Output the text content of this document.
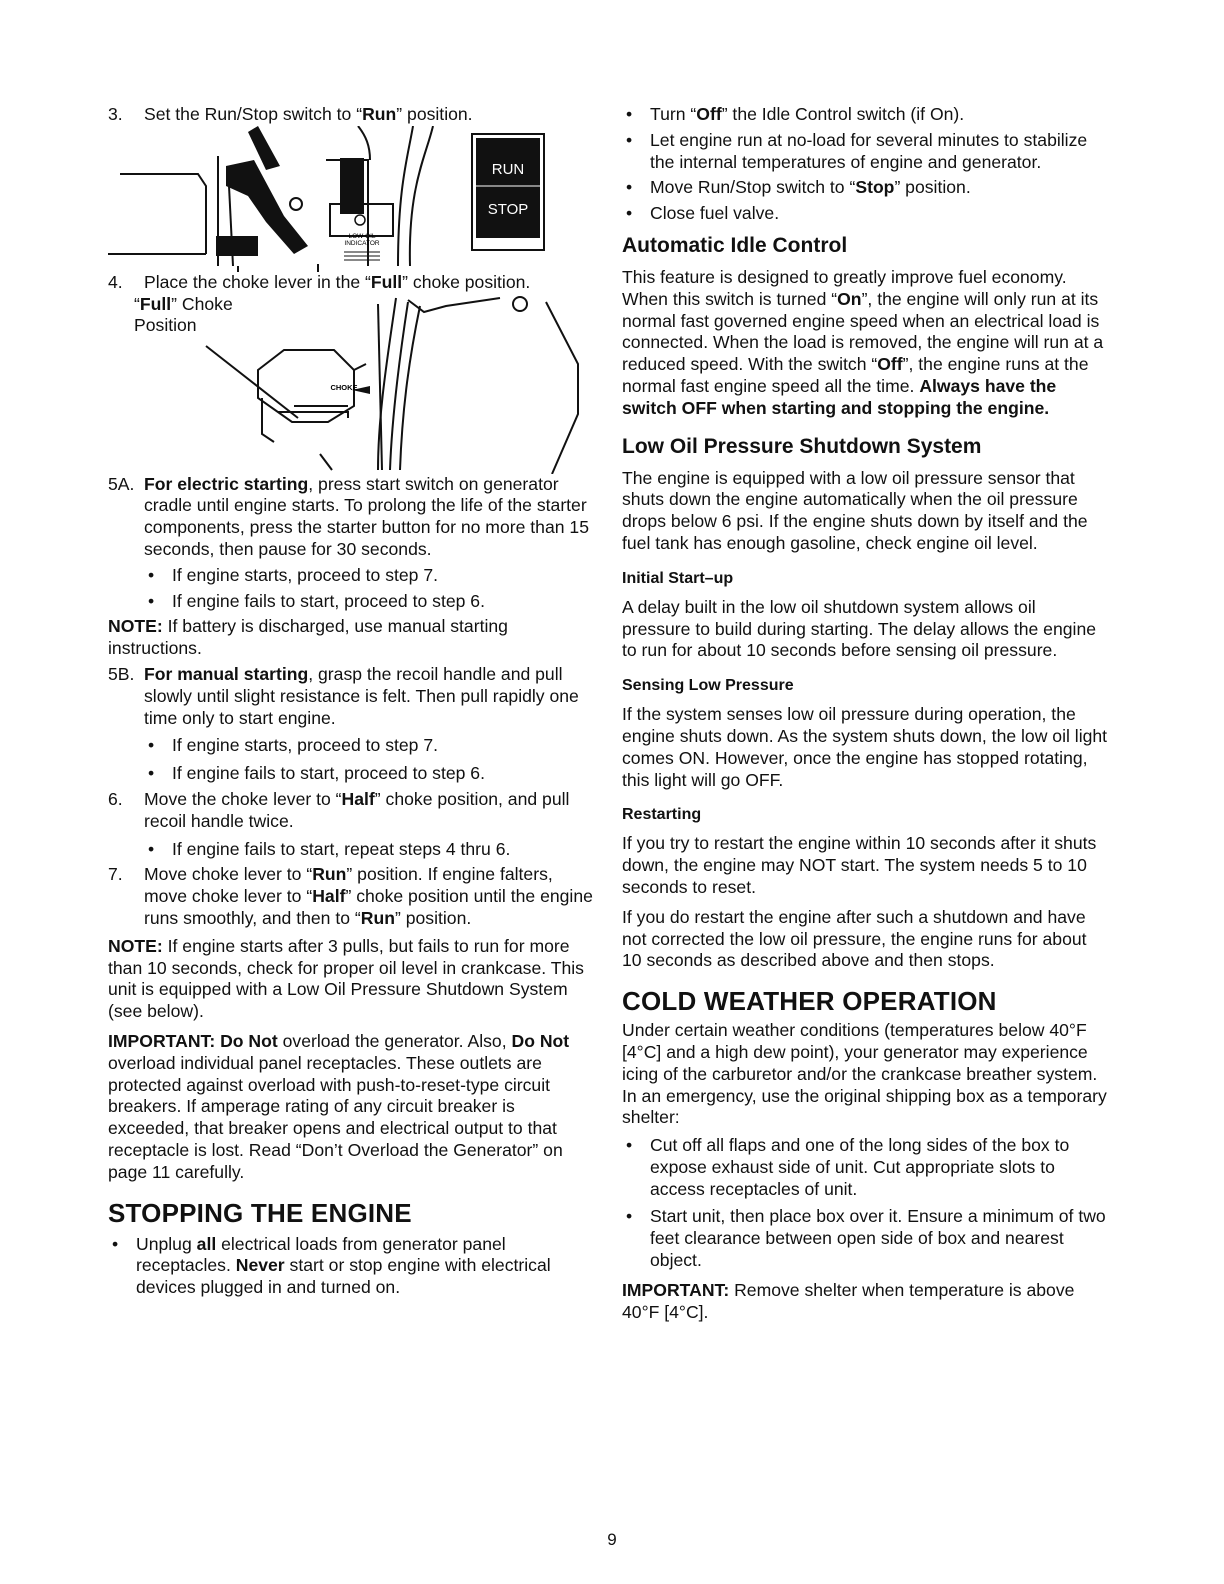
3.	Set the Run/Stop switch to “Run” position.
RUN
STOP
LOW OIL
INDICATOR
4.	Place the choke lever in the “Full” choke position.
“Full” Choke
Position
CHOKE
5A. For electric starting, press start switch on generator cradle until engine starts. To prolong the life of the starter components, press the starter button for no more than 15 seconds, then pause for 30 seconds.
•	If engine starts, proceed to step 7.
•	If engine fails to start, proceed to step 6.

NOTE: If battery is discharged, use manual starting instructions.

5B. For manual starting, grasp the recoil handle and pull slowly until slight resistance is felt. Then pull rapidly one time only to start engine.
•	If engine starts, proceed to step 7.
•	If engine fails to start, proceed to step 6.
6.	Move the choke lever to “Half” choke position, and pull recoil handle twice.
•	If engine fails to start, repeat steps 4 thru 6.
7.	Move choke lever to “Run” position. If engine falters, move choke lever to “Half” choke position until the engine runs smoothly, and then to “Run” position.

NOTE: If engine starts after 3 pulls, but fails to run for more than 10 seconds, check for proper oil level in crankcase. This unit is equipped with a Low Oil Pressure Shutdown System (see below).

IMPORTANT: Do Not overload the generator. Also, Do Not overload individual panel receptacles. These outlets are protected against overload with push-to-reset-type circuit breakers. If amperage rating of any circuit breaker is exceeded, that breaker opens and electrical output to that receptacle is lost. Read “Don’t Overload the Generator” on page 11 carefully.

STOPPING THE ENGINE
•	Unplug all electrical loads from generator panel receptacles. Never start or stop engine with electrical devices plugged in and turned on.
•	Turn “Off” the Idle Control switch (if On).
•	Let engine run at no-load for several minutes to stabilize the internal temperatures of engine and generator.
•	Move Run/Stop switch to “Stop” position.
•	Close fuel valve.
Automatic Idle Control

This feature is designed to greatly improve fuel economy. When this switch is turned “On”, the engine will only run at its normal fast governed engine speed when an electrical load is connected. When the load is removed, the engine will run at a reduced speed. With the switch “Off”, the engine runs at the normal fast engine speed all the time. Always have the switch OFF when starting and stopping the engine.

Low Oil Pressure Shutdown System

The engine is equipped with a low oil pressure sensor that shuts down the engine automatically when the oil pressure drops below 6 psi. If the engine shuts down by itself and the fuel tank has enough gasoline, check engine oil level.

Initial Start–up

A delay built in the low oil shutdown system allows oil pressure to build during starting. The delay allows the engine to run for about 10 seconds before sensing oil pressure.

Sensing Low Pressure

If the system senses low oil pressure during operation, the engine shuts down. As the system shuts down, the low oil light comes ON. However, once the engine has stopped rotating, this light will go OFF.

Restarting

If you try to restart the engine within 10 seconds after it shuts down, the engine may NOT start. The system needs 5 to 10 seconds to reset.

If you do restart the engine after such a shutdown and have not corrected the low oil pressure, the engine runs for about 10 seconds as described above and then stops.

COLD WEATHER OPERATION

Under certain weather conditions (temperatures below 40°F [4°C] and a high dew point), your generator may experience icing of the carburetor and/or the crankcase breather system. In an emergency, use the original shipping box as a temporary shelter:

•	Cut off all flaps and one of the long sides of the box to expose exhaust side of unit. Cut appropriate slots to access receptacles of unit.
•	Start unit, then place box over it. Ensure a minimum of two feet clearance between open side of box and nearest object.

IMPORTANT: Remove shelter when temperature is above 40°F [4°C].

9
